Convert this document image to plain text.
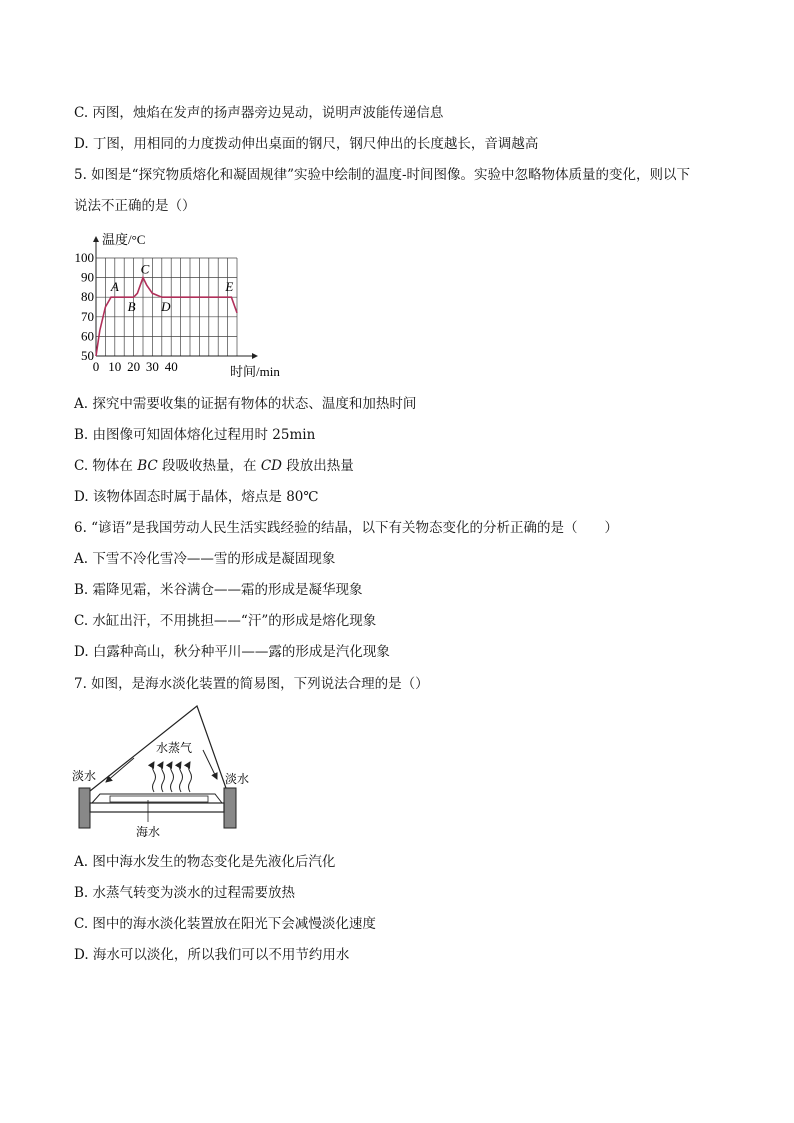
C. 丙图，烛焰在发声的扬声器旁边晃动，说明声波能传递信息
D. 丁图，用相同的力度拨动伸出桌面的钢尺，钢尺伸出的长度越长，音调越高
5. 如图是“探究物质熔化和凝固规律”实验中绘制的温度-时间图像。实验中忽略物体质量的变化，则以下
说法不正确的是（）
50
60
70
80
90
100
0 10 20 30 40
A
B
C
D
E
温度/°C
时间/min
A. 探究中需要收集的证据有物体的状态、温度和加热时间
B. 由图像可知固体熔化过程用时 25min
C. 物体在 BC 段吸收热量，在 CD 段放出热量
D. 该物体固态时属于晶体，熔点是 80℃
6. “谚语”是我国劳动人民生活实践经验的结晶，以下有关物态变化的分析正确的是（　　）
A. 下雪不冷化雪冷——雪的形成是凝固现象
B. 霜降见霜，米谷满仓——霜的形成是凝华现象
C. 水缸出汗，不用挑担——“汗”的形成是熔化现象
D. 白露种高山，秋分种平川——露的形成是汽化现象
7. 如图，是海水淡化装置的简易图，下列说法合理的是（）
水蒸气
淡水	淡水
海水
A. 图中海水发生的物态变化是先液化后汽化
B. 水蒸气转变为淡水的过程需要放热
C. 图中的海水淡化装置放在阳光下会减慢淡化速度
D. 海水可以淡化，所以我们可以不用节约用水
